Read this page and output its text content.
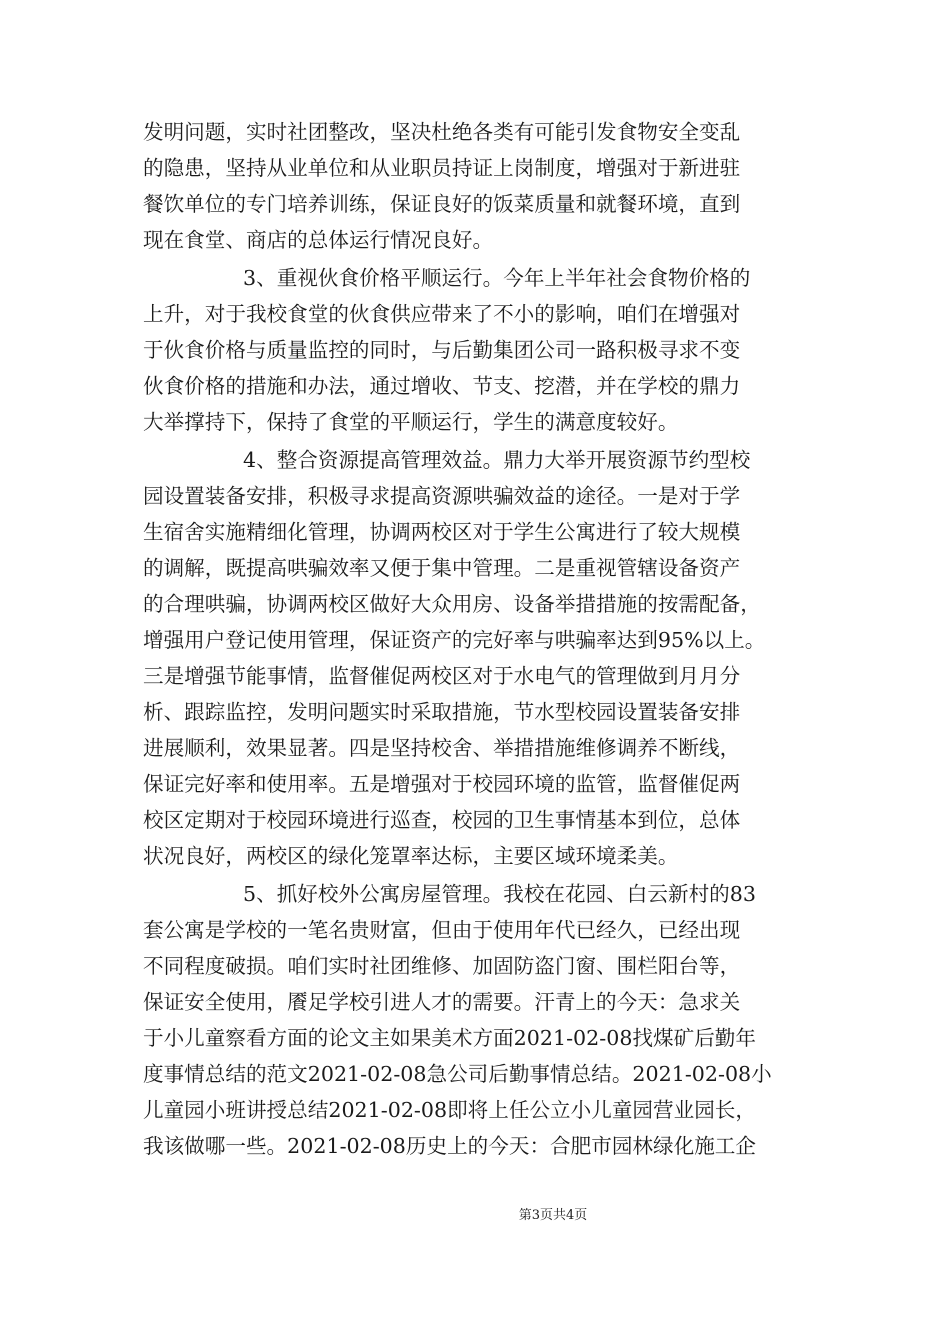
发明问题，实时社团整改，坚决杜绝各类有可能引发食物安全变乱
的隐患，坚持从业单位和从业职员持证上岗制度，增强对于新进驻
餐饮单位的专门培养训练，保证良好的饭菜质量和就餐环境，直到
现在食堂、商店的总体运行情况良好。
3、重视伙食价格平顺运行。今年上半年社会食物价格的
上升，对于我校食堂的伙食供应带来了不小的影响，咱们在增强对
于伙食价格与质量监控的同时，与后勤集团公司一路积极寻求不变
伙食价格的措施和办法，通过增收、节支、挖潜，并在学校的鼎力
大举撑持下，保持了食堂的平顺运行，学生的满意度较好。
4、整合资源提高管理效益。鼎力大举开展资源节约型校
园设置装备安排，积极寻求提高资源哄骗效益的途径。一是对于学
生宿舍实施精细化管理，协调两校区对于学生公寓进行了较大规模
的调解，既提高哄骗效率又便于集中管理。二是重视管辖设备资产
的合理哄骗，协调两校区做好大众用房、设备举措措施的按需配备，
增强用户登记使用管理，保证资产的完好率与哄骗率达到95%以上。
三是增强节能事情，监督催促两校区对于水电气的管理做到月月分
析、跟踪监控，发明问题实时采取措施，节水型校园设置装备安排
进展顺利，效果显著。四是坚持校舍、举措措施维修调养不断线，
保证完好率和使用率。五是增强对于校园环境的监管，监督催促两
校区定期对于校园环境进行巡查，校园的卫生事情基本到位，总体
状况良好，两校区的绿化笼罩率达标，主要区域环境柔美。
5、抓好校外公寓房屋管理。我校在花园、白云新村的83
套公寓是学校的一笔名贵财富，但由于使用年代已经久，已经出现
不同程度破损。咱们实时社团维修、加固防盗门窗、围栏阳台等，
保证安全使用，餍足学校引进人才的需要。汗青上的今天：急求关
于小儿童察看方面的论文主如果美术方面2021-02-08找煤矿后勤年
度事情总结的范文2021-02-08急公司后勤事情总结。2021-02-08小
儿童园小班讲授总结2021-02-08即将上任公立小儿童园营业园长，
我该做哪一些。2021-02-08历史上的今天：合肥市园林绿化施工企
第3页共4页
